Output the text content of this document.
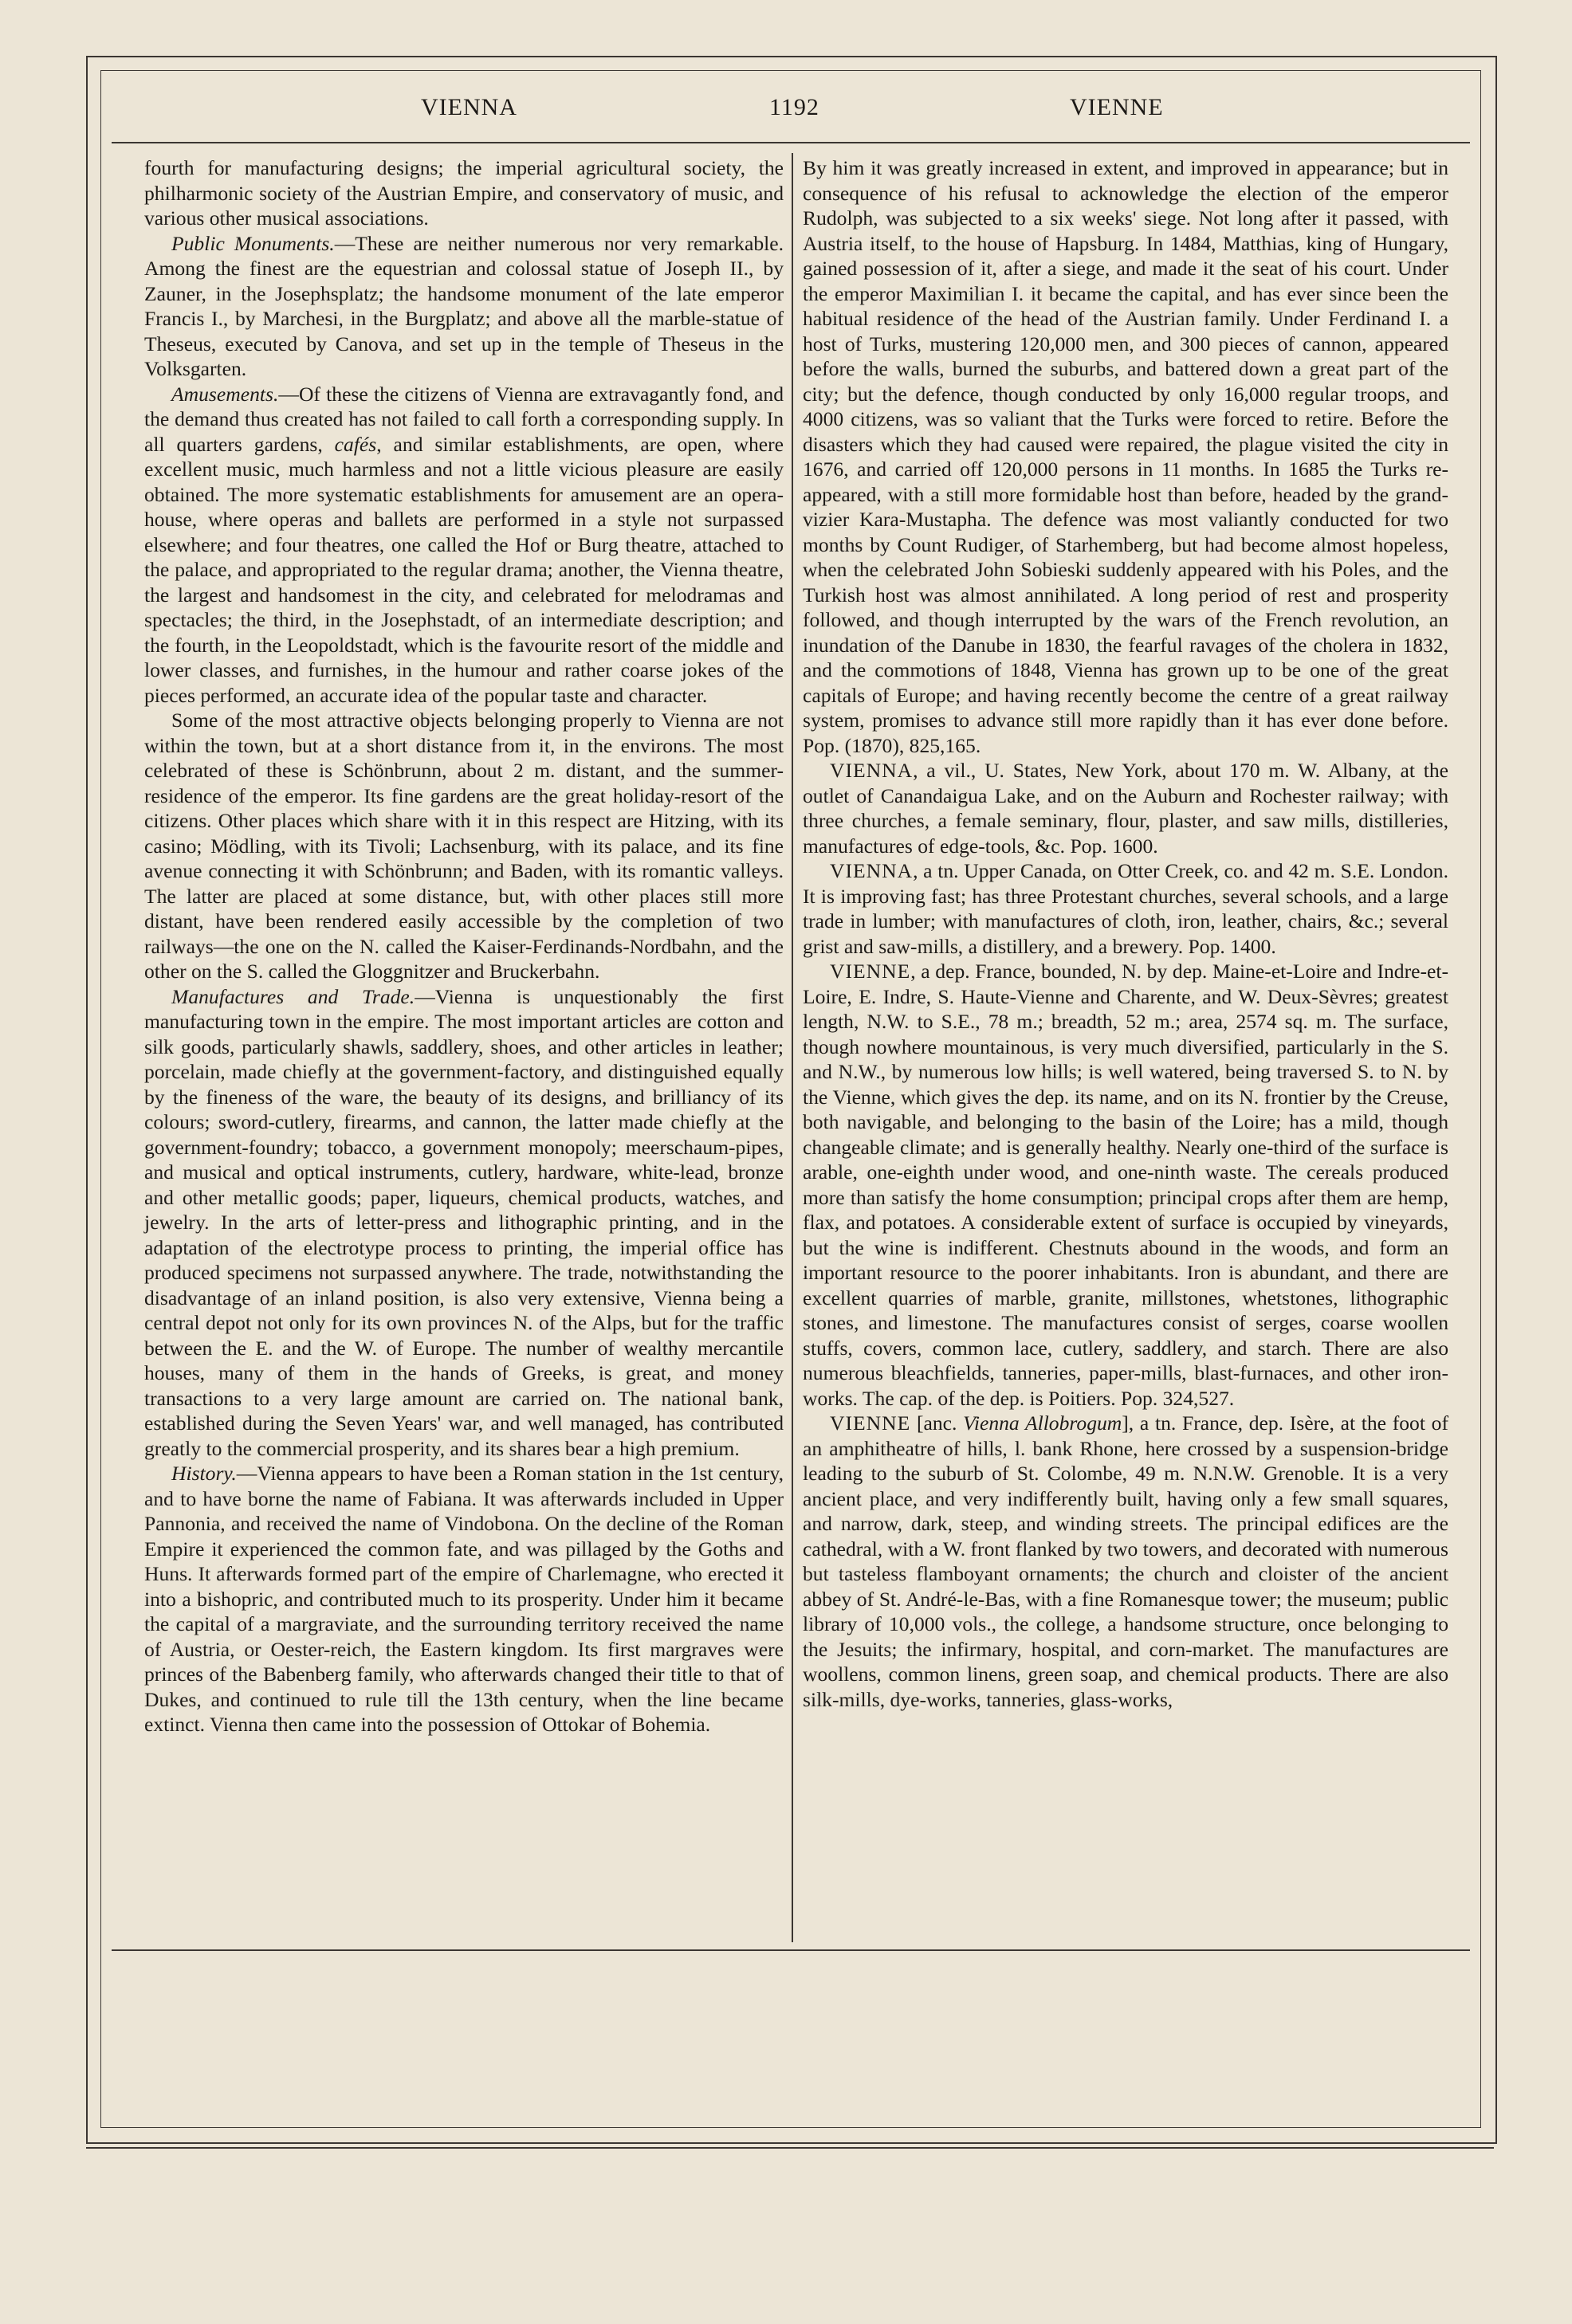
VIENNA	1192	VIENNE

fourth for manufacturing designs; the imperial agricultural society, the philharmonic society of the Austrian Empire, and conservatory of music, and various other musical associations.

Public Monuments.—These are neither numerous nor very remarkable. Among the finest are the equestrian and colossal statue of Joseph II., by Zauner, in the Josephsplatz; the handsome monument of the late emperor Francis I., by Marchesi, in the Burgplatz; and above all the marble-statue of Theseus, executed by Canova, and set up in the temple of Theseus in the Volksgarten.

Amusements.—Of these the citizens of Vienna are extravagantly fond, and the demand thus created has not failed to call forth a corresponding supply. In all quarters gardens, cafés, and similar establishments, are open, where excellent music, much harmless and not a little vicious pleasure are easily obtained. The more systematic establishments for amusement are an opera-house, where operas and ballets are performed in a style not surpassed elsewhere; and four theatres, one called the Hof or Burg theatre, attached to the palace, and appropriated to the regular drama; another, the Vienna theatre, the largest and handsomest in the city, and celebrated for melodramas and spectacles; the third, in the Josephstadt, of an intermediate description; and the fourth, in the Leopoldstadt, which is the favourite resort of the middle and lower classes, and furnishes, in the humour and rather coarse jokes of the pieces performed, an accurate idea of the popular taste and character.

Some of the most attractive objects belonging properly to Vienna are not within the town, but at a short distance from it, in the environs. The most celebrated of these is Schönbrunn, about 2 m. distant, and the summer-residence of the emperor. Its fine gardens are the great holiday-resort of the citizens. Other places which share with it in this respect are Hitzing, with its casino; Mödling, with its Tivoli; Lachsenburg, with its palace, and its fine avenue connecting it with Schönbrunn; and Baden, with its romantic valleys. The latter are placed at some distance, but, with other places still more distant, have been rendered easily accessible by the completion of two railways—the one on the N. called the Kaiser-Ferdinands-Nordbahn, and the other on the S. called the Gloggnitzer and Bruckerbahn.

Manufactures and Trade.—Vienna is unquestionably the first manufacturing town in the empire. The most important articles are cotton and silk goods, particularly shawls, saddlery, shoes, and other articles in leather; porcelain, made chiefly at the government-factory, and distinguished equally by the fineness of the ware, the beauty of its designs, and brilliancy of its colours; sword-cutlery, firearms, and cannon, the latter made chiefly at the government-foundry; tobacco, a government monopoly; meerschaum-pipes, and musical and optical instruments, cutlery, hardware, white-lead, bronze and other metallic goods; paper, liqueurs, chemical products, watches, and jewelry. In the arts of letter-press and lithographic printing, and in the adaptation of the electrotype process to printing, the imperial office has produced specimens not surpassed anywhere. The trade, notwithstanding the disadvantage of an inland position, is also very extensive, Vienna being a central depot not only for its own provinces N. of the Alps, but for the traffic between the E. and the W. of Europe. The number of wealthy mercantile houses, many of them in the hands of Greeks, is great, and money transactions to a very large amount are carried on. The national bank, established during the Seven Years' war, and well managed, has contributed greatly to the commercial prosperity, and its shares bear a high premium.

History.—Vienna appears to have been a Roman station in the 1st century, and to have borne the name of Fabiana. It was afterwards included in Upper Pannonia, and received the name of Vindobona. On the decline of the Roman Empire it experienced the common fate, and was pillaged by the Goths and Huns. It afterwards formed part of the empire of Charlemagne, who erected it into a bishopric, and contributed much to its prosperity. Under him it became the capital of a margraviate, and the surrounding territory received the name of Austria, or Oester-reich, the Eastern kingdom. Its first margraves were princes of the Babenberg family, who afterwards changed their title to that of Dukes, and continued to rule till the 13th century, when the line became extinct. Vienna then came into the possession of Ottokar of Bohemia.

By him it was greatly increased in extent, and improved in appearance; but in consequence of his refusal to acknowledge the election of the emperor Rudolph, was subjected to a six weeks' siege. Not long after it passed, with Austria itself, to the house of Hapsburg. In 1484, Matthias, king of Hungary, gained possession of it, after a siege, and made it the seat of his court. Under the emperor Maximilian I. it became the capital, and has ever since been the habitual residence of the head of the Austrian family. Under Ferdinand I. a host of Turks, mustering 120,000 men, and 300 pieces of cannon, appeared before the walls, burned the suburbs, and battered down a great part of the city; but the defence, though conducted by only 16,000 regular troops, and 4000 citizens, was so valiant that the Turks were forced to retire. Before the disasters which they had caused were repaired, the plague visited the city in 1676, and carried off 120,000 persons in 11 months. In 1685 the Turks re-appeared, with a still more formidable host than before, headed by the grand-vizier Kara-Mustapha. The defence was most valiantly conducted for two months by Count Rudiger, of Starhemberg, but had become almost hopeless, when the celebrated John Sobieski suddenly appeared with his Poles, and the Turkish host was almost annihilated. A long period of rest and prosperity followed, and though interrupted by the wars of the French revolution, an inundation of the Danube in 1830, the fearful ravages of the cholera in 1832, and the commotions of 1848, Vienna has grown up to be one of the great capitals of Europe; and having recently become the centre of a great railway system, promises to advance still more rapidly than it has ever done before. Pop. (1870), 825,165.

VIENNA, a vil., U. States, New York, about 170 m. W. Albany, at the outlet of Canandaigua Lake, and on the Auburn and Rochester railway; with three churches, a female seminary, flour, plaster, and saw mills, distilleries, manufactures of edge-tools, &c. Pop. 1600.

VIENNA, a tn. Upper Canada, on Otter Creek, co. and 42 m. S.E. London. It is improving fast; has three Protestant churches, several schools, and a large trade in lumber; with manufactures of cloth, iron, leather, chairs, &c.; several grist and saw-mills, a distillery, and a brewery. Pop. 1400.

VIENNE, a dep. France, bounded, N. by dep. Maine-et-Loire and Indre-et-Loire, E. Indre, S. Haute-Vienne and Charente, and W. Deux-Sèvres; greatest length, N.W. to S.E., 78 m.; breadth, 52 m.; area, 2574 sq. m. The surface, though nowhere mountainous, is very much diversified, particularly in the S. and N.W., by numerous low hills; is well watered, being traversed S. to N. by the Vienne, which gives the dep. its name, and on its N. frontier by the Creuse, both navigable, and belonging to the basin of the Loire; has a mild, though changeable climate; and is generally healthy. Nearly one-third of the surface is arable, one-eighth under wood, and one-ninth waste. The cereals produced more than satisfy the home consumption; principal crops after them are hemp, flax, and potatoes. A considerable extent of surface is occupied by vineyards, but the wine is indifferent. Chestnuts abound in the woods, and form an important resource to the poorer inhabitants. Iron is abundant, and there are excellent quarries of marble, granite, millstones, whetstones, lithographic stones, and limestone. The manufactures consist of serges, coarse woollen stuffs, covers, common lace, cutlery, saddlery, and starch. There are also numerous bleachfields, tanneries, paper-mills, blast-furnaces, and other iron-works. The cap. of the dep. is Poitiers. Pop. 324,527.

VIENNE [anc. Vienna Allobrogum], a tn. France, dep. Isère, at the foot of an amphitheatre of hills, l. bank Rhone, here crossed by a suspension-bridge leading to the suburb of St. Colombe, 49 m. N.N.W. Grenoble. It is a very ancient place, and very indifferently built, having only a few small squares, and narrow, dark, steep, and winding streets. The principal edifices are the cathedral, with a W. front flanked by two towers, and decorated with numerous but tasteless flamboyant ornaments; the church and cloister of the ancient abbey of St. André-le-Bas, with a fine Romanesque tower; the museum; public library of 10,000 vols., the college, a handsome structure, once belonging to the Jesuits; the infirmary, hospital, and corn-market. The manufactures are woollens, common linens, green soap, and chemical products. There are also silk-mills, dye-works, tanneries, glass-works,
